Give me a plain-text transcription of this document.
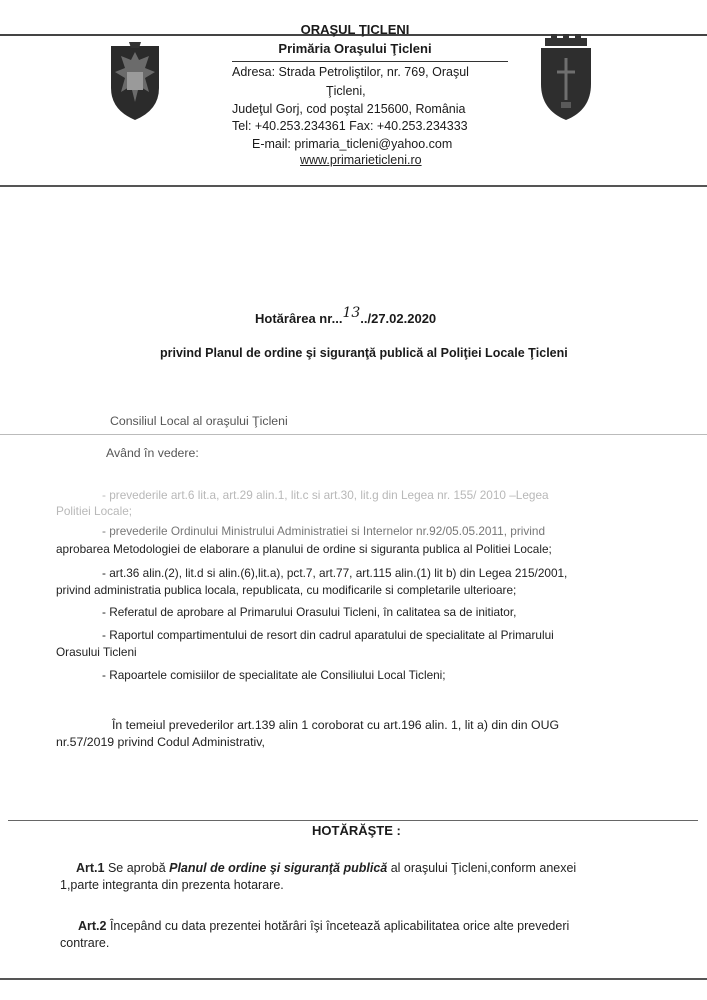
ORAŞUL ŢICLENI
Primăria Oraşului Ţicleni
Adresa: Strada Petroliştilor, nr. 769, Oraşul
Ţicleni,
Judeţul Gorj, cod poştal 215600, România
Tel: +40.253.234361 Fax: +40.253.234333
E-mail: primaria_ticleni@yahoo.com
www.primarieticleni.ro
Hotărârea nr...13../27.02.2020
privind Planul de ordine şi siguranţă publică al Poliţiei Locale Ţicleni
Consiliul Local al oraşului Ţicleni
Având în vedere:
- prevederile art.6 lit.a, art.29 alin.1, lit.c si art.30, lit.g din Legea nr. 155/ 2010 –Legea
Politiei Locale;
- prevederile Ordinului Ministrului Administratiei si Internelor nr.92/05.05.2011, privind
aprobarea Metodologiei de elaborare a planului de ordine si siguranta publica al Politiei Locale;
- art.36 alin.(2), lit.d si alin.(6),lit.a), pct.7, art.77, art.115 alin.(1) lit b) din Legea 215/2001,
privind administratia publica locala, republicata, cu modificarile si completarile ulterioare;
- Referatul de aprobare al Primarului Orasului Ticleni, în calitatea sa de initiator,
- Raportul compartimentului de resort din cadrul aparatului de specialitate al Primarului
Orasului Ticleni
- Rapoartele comisiilor de specialitate ale Consiliului Local Ticleni;
În temeiul prevederilor art.139 alin 1 coroborat cu art.196 alin. 1, lit a) din din OUG
nr.57/2019 privind Codul Administrativ,
HOTĂRĂŞTE :
Art.1 Se aprobă Planul de ordine şi siguranţă publică al oraşului Ţicleni,conform anexei
1,parte integranta din prezenta hotarare.
Art.2 Începând cu data prezentei hotărâri îşi încetează aplicabilitatea orice alte prevederi
contrare.
